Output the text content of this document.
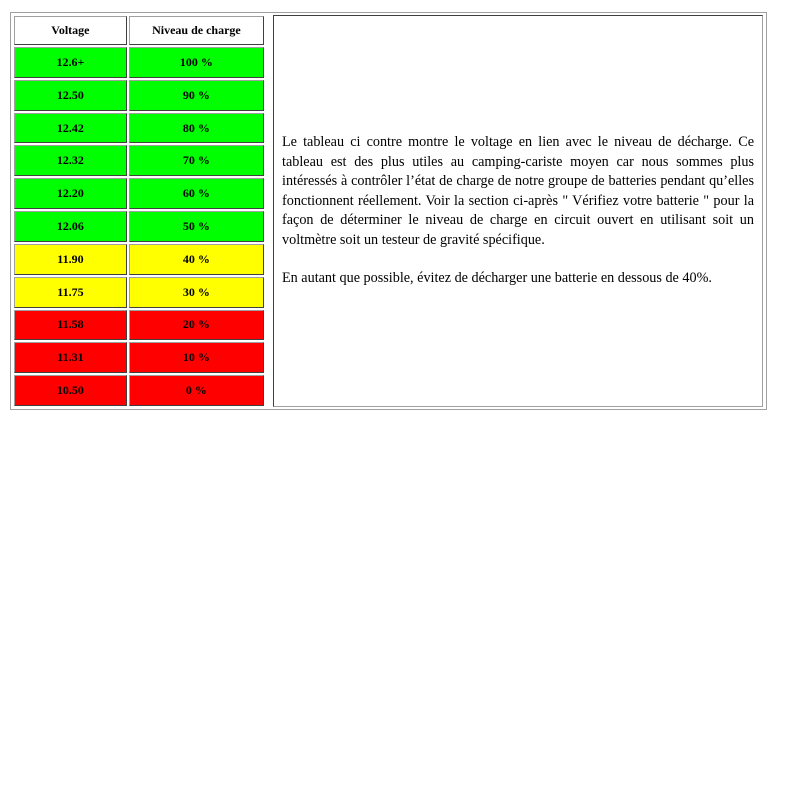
Voltage	Niveau de charge
12.6+	100 %
12.50	90 %
12.42	80 %
12.32	70 %
12.20	60 %
12.06	50 %
11.90	40 %
11.75	30 %
11.58	20 %
11.31	10 %
10.50	0 %

Le tableau ci contre montre le voltage en lien avec le niveau de décharge. Ce tableau est des plus utiles au camping-cariste moyen car nous sommes plus intéressés à contrôler l’état de charge de notre groupe de batteries pendant qu’elles fonctionnent réellement. Voir la section ci-après " Vérifiez votre batterie " pour la façon de déterminer le niveau de charge en circuit ouvert en utilisant soit un voltmètre soit un testeur de gravité spécifique.

En autant que possible, évitez de décharger une batterie en dessous de 40%.
